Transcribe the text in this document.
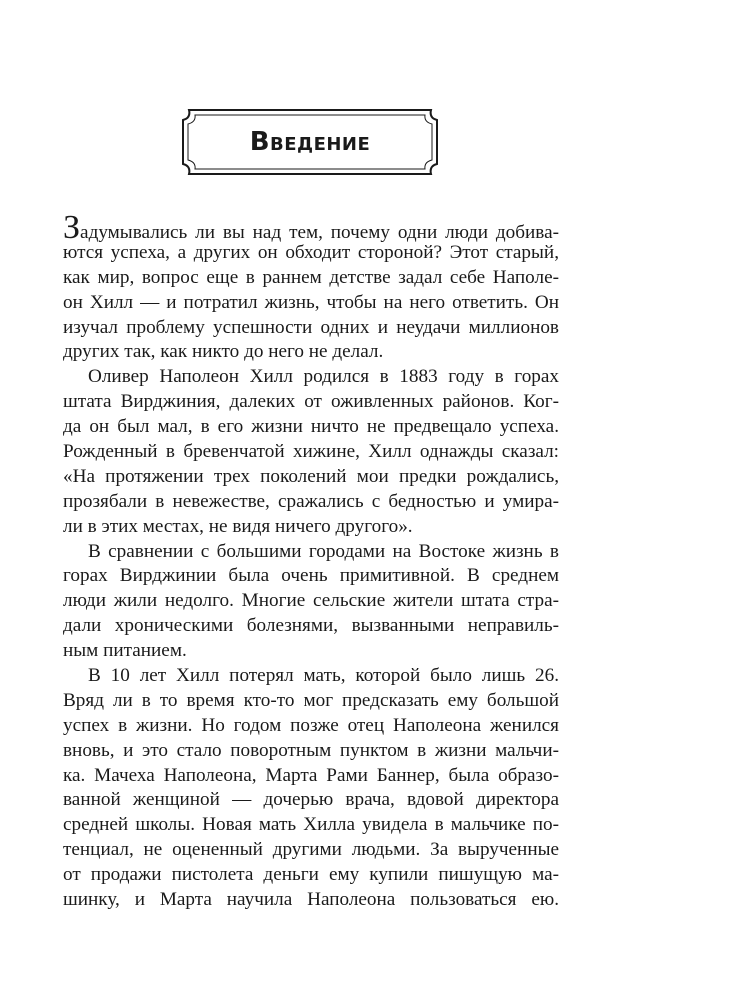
Введение
Задумывались ли вы над тем, почему одни люди добива-
ются успеха, а других он обходит стороной? Этот старый,
как мир, вопрос еще в раннем детстве задал себе Наполе-
он Хилл — и потратил жизнь, чтобы на него ответить. Он
изучал проблему успешности одних и неудачи миллионов
других так, как никто до него не делал.
Оливер Наполеон Хилл родился в 1883 году в горах
штата Вирджиния, далеких от оживленных районов. Ког-
да он был мал, в его жизни ничто не предвещало успеха.
Рожденный в бревенчатой хижине, Хилл однажды сказал:
«На протяжении трех поколений мои предки рождались,
прозябали в невежестве, сражались с бедностью и умира-
ли в этих местах, не видя ничего другого».
В сравнении с большими городами на Востоке жизнь в
горах Вирджинии была очень примитивной. В среднем
люди жили недолго. Многие сельские жители штата стра-
дали хроническими болезнями, вызванными неправиль-
ным питанием.
В 10 лет Хилл потерял мать, которой было лишь 26.
Вряд ли в то время кто-то мог предсказать ему большой
успех в жизни. Но годом позже отец Наполеона женился
вновь, и это стало поворотным пунктом в жизни мальчи-
ка. Мачеха Наполеона, Марта Рами Баннер, была образо-
ванной женщиной — дочерью врача, вдовой директора
средней школы. Новая мать Хилла увидела в мальчике по-
тенциал, не оцененный другими людьми. За вырученные
от продажи пистолета деньги ему купили пишущую ма-
шинку, и Марта научила Наполеона пользоваться ею.
